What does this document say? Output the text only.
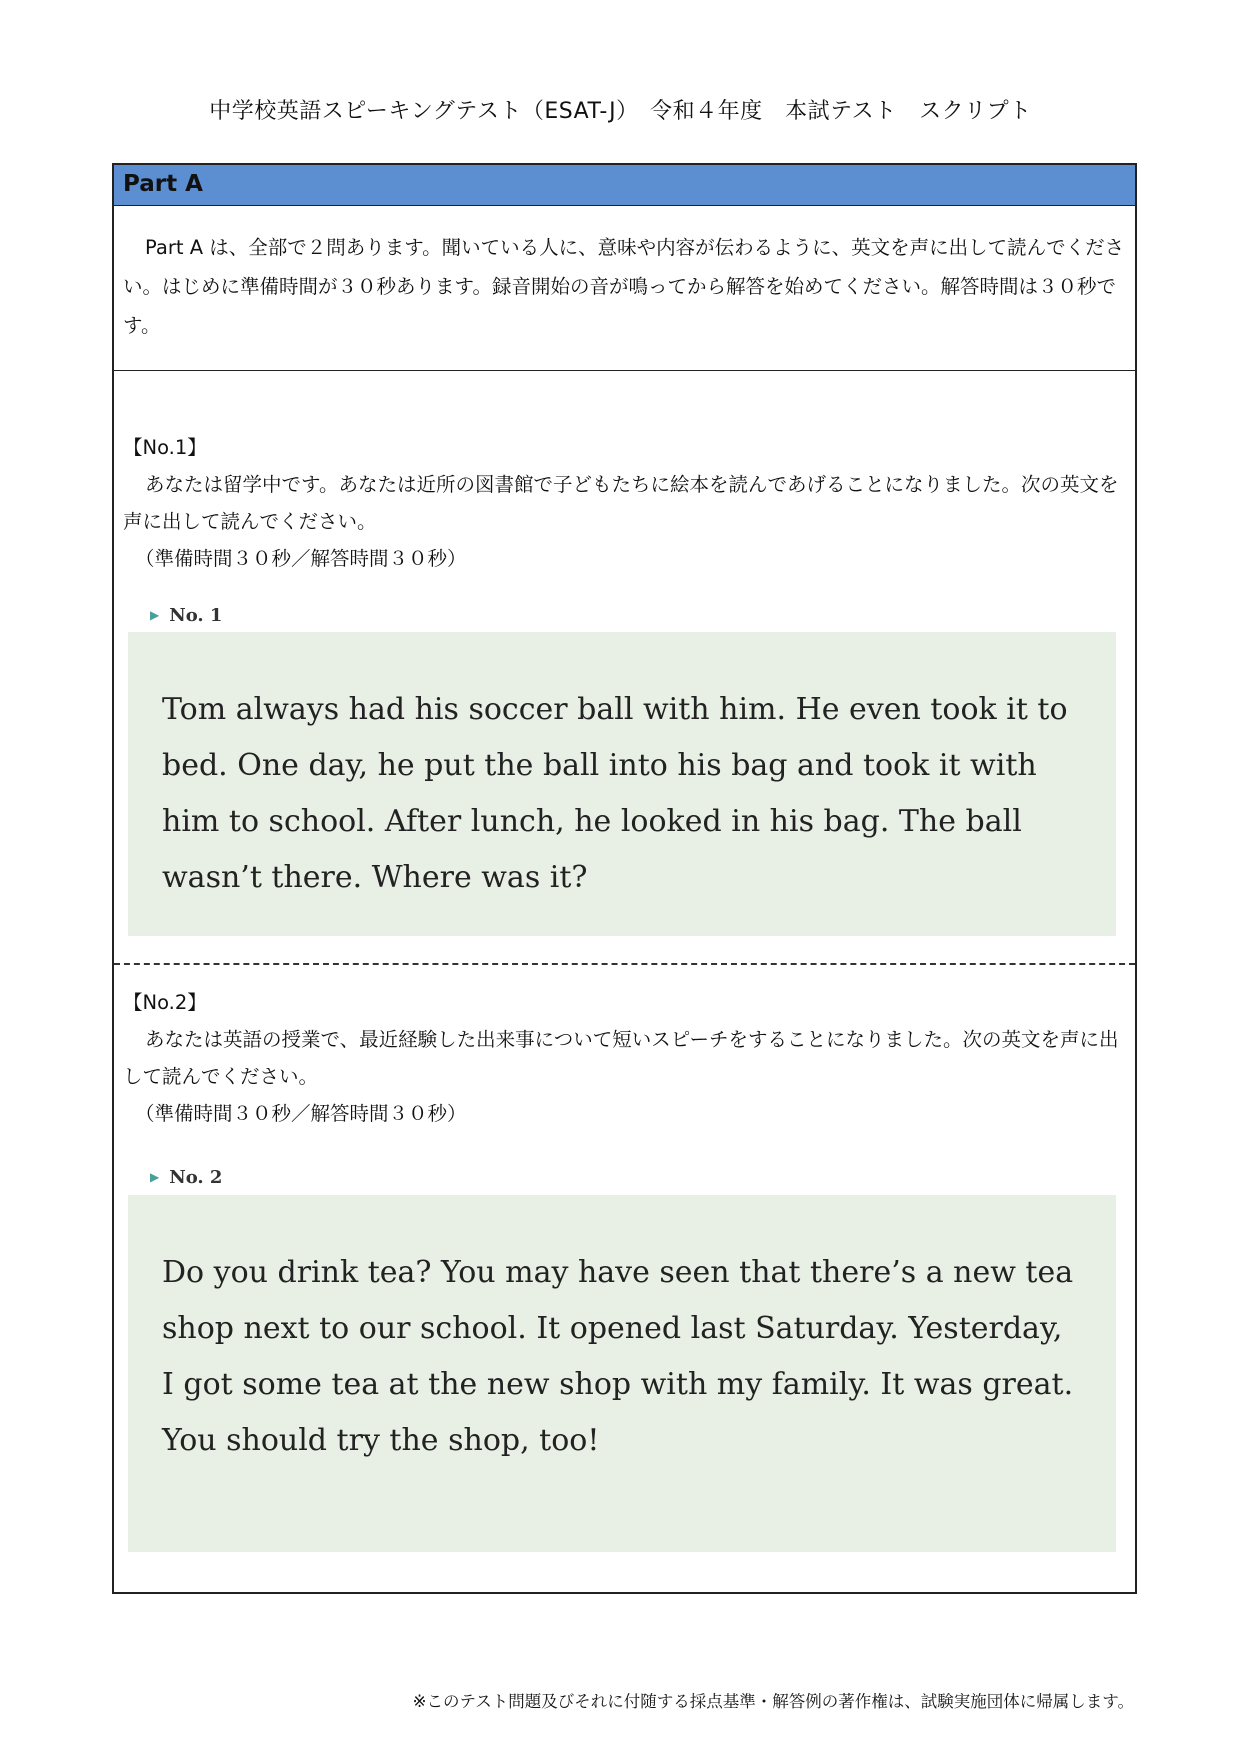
中学校英語スピーキングテスト（ESAT-J）　令和４年度　本試テスト　スクリプト
Part A

Part A は、全部で２問あります。聞いている人に、意味や内容が伝わるように、英文を声に出して読んでください。はじめに準備時間が３０秒あります。録音開始の音が鳴ってから解答を始めてください。解答時間は３０秒です。

【No.1】

あなたは留学中です。あなたは近所の図書館で子どもたちに絵本を読んであげることになりました。次の英文を声に出して読んでください。

（準備時間３０秒／解答時間３０秒）

▶ No. 1
Tom always had his soccer ball with him. He even took it to
bed. One day, he put the ball into his bag and took it with
him to school. After lunch, he looked in his bag. The ball
wasn’t there. Where was it?

【No.2】

あなたは英語の授業で、最近経験した出来事について短いスピーチをすることになりました。次の英文を声に出して読んでください。

（準備時間３０秒／解答時間３０秒）

▶ No. 2
Do you drink tea? You may have seen that there’s a new tea
shop next to our school. It opened last Saturday. Yesterday,
I got some tea at the new shop with my family. It was great.
You should try the shop, too!
※このテスト問題及びそれに付随する採点基準・解答例の著作権は、試験実施団体に帰属します。
